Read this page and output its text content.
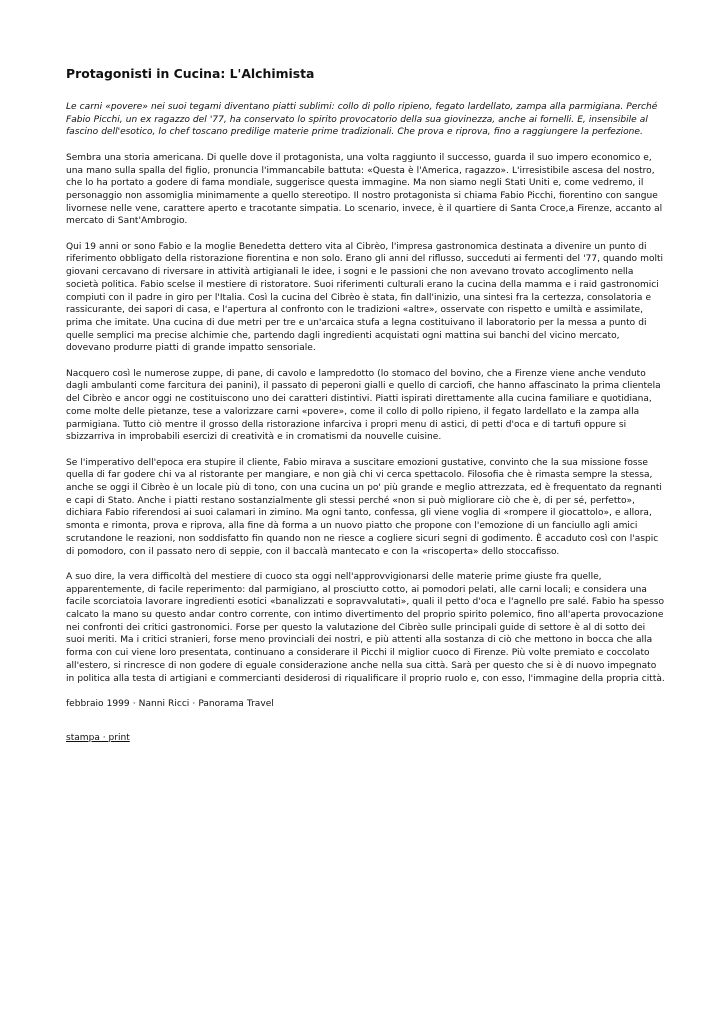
Protagonisti in Cucina: L'Alchimista

Le carni «povere» nei suoi tegami diventano piatti sublimi: collo di pollo ripieno, fegato lardellato, zampa alla parmigiana. Perché Fabio Picchi, un ex ragazzo del '77, ha conservato lo spirito provocatorio della sua giovinezza, anche ai fornelli. E, insensibile al fascino dell'esotico, lo chef toscano predilige materie prime tradizionali. Che prova e riprova, fino a raggiungere la perfezione.

Sembra una storia americana. Di quelle dove il protagonista, una volta raggiunto il successo, guarda il suo impero economico e, una mano sulla spalla del figlio, pronuncia l'immancabile battuta: «Questa è l'America, ragazzo». L'irresistibile ascesa del nostro, che lo ha portato a godere di fama mondiale, suggerisce questa immagine. Ma non siamo negli Stati Uniti e, come vedremo, il personaggio non assomiglia minimamente a quello stereotipo. Il nostro protagonista si chiama Fabio Picchi, fiorentino con sangue livornese nelle vene, carattere aperto e tracotante simpatia. Lo scenario, invece, è il quartiere di Santa Croce,a Firenze, accanto al mercato di Sant'Ambrogio.

Qui 19 anni or sono Fabio e la moglie Benedetta dettero vita al Cibrèo, l'impresa gastronomica destinata a divenire un punto di riferimento obbligato della ristorazione fiorentina e non solo. Erano gli anni del riflusso, succeduti ai fermenti del '77, quando molti giovani cercavano di riversare in attività artigianali le idee, i sogni e le passioni che non avevano trovato accoglimento nella società politica. Fabio scelse il mestiere di ristoratore. Suoi riferimenti culturali erano la cucina della mamma e i raid gastronomici compiuti con il padre in giro per l'Italia. Così la cucina del Cibrèo è stata, fin dall'inizio, una sintesi fra la certezza, consolatoria e rassicurante, dei sapori di casa, e l'apertura al confronto con le tradizioni «altre», osservate con rispetto e umiltà e assimilate, prima che imitate. Una cucina di due metri per tre e un'arcaica stufa a legna costituivano il laboratorio per la messa a punto di quelle semplici ma precise alchimie che, partendo dagli ingredienti acquistati ogni mattina sui banchi del vicino mercato, dovevano produrre piatti di grande impatto sensoriale.

Nacquero così le numerose zuppe, di pane, di cavolo e lampredotto (lo stomaco del bovino, che a Firenze viene anche venduto dagli ambulanti come farcitura dei panini), il passato di peperoni gialli e quello di carciofi, che hanno affascinato la prima clientela del Cibrèo e ancor oggi ne costituiscono uno dei caratteri distintivi. Piatti ispirati direttamente alla cucina familiare e quotidiana, come molte delle pietanze, tese a valorizzare carni «povere», come il collo di pollo ripieno, il fegato lardellato e la zampa alla parmigiana. Tutto ciò mentre il grosso della ristorazione infarciva i propri menu di astici, di petti d'oca e di tartufi oppure si sbizzarriva in improbabili esercizi di creatività e in cromatismi da nouvelle cuisine.

Se l'imperativo dell'epoca era stupire il cliente, Fabio mirava a suscitare emozioni gustative, convinto che la sua missione fosse quella di far godere chi va al ristorante per mangiare, e non già chi vi cerca spettacolo. Filosofia che è rimasta sempre la stessa, anche se oggi il Cibrèo è un locale più di tono, con una cucina un po' più grande e meglio attrezzata, ed è frequentato da regnanti e capi di Stato. Anche i piatti restano sostanzialmente gli stessi perché «non si può migliorare ciò che è, di per sé, perfetto», dichiara Fabio riferendosi ai suoi calamari in zimino. Ma ogni tanto, confessa, gli viene voglia di «rompere il giocattolo», e allora, smonta e rimonta, prova e riprova, alla fine dà forma a un nuovo piatto che propone con l'emozione di un fanciullo agli amici scrutandone le reazioni, non soddisfatto fin quando non ne riesce a cogliere sicuri segni di godimento. È accaduto così con l'aspic di pomodoro, con il passato nero di seppie, con il baccalà mantecato e con la «riscoperta» dello stoccafisso.

A suo dire, la vera difficoltà del mestiere di cuoco sta oggi nell'approvvigionarsi delle materie prime giuste fra quelle, apparentemente, di facile reperimento: dal parmigiano, al prosciutto cotto, ai pomodori pelati, alle carni locali; e considera una facile scorciatoia lavorare ingredienti esotici «banalizzati e sopravvalutati», quali il petto d'oca e l'agnello pre salé. Fabio ha spesso calcato la mano su questo andar contro corrente, con intimo divertimento del proprio spirito polemico, fino all'aperta provocazione nei confronti dei critici gastronomici. Forse per questo la valutazione del Cibrèo sulle principali guide di settore è al di sotto dei suoi meriti. Ma i critici stranieri, forse meno provinciali dei nostri, e più attenti alla sostanza di ciò che mettono in bocca che alla forma con cui viene loro presentata, continuano a considerare il Picchi il miglior cuoco di Firenze. Più volte premiato e coccolato all'estero, si rincresce di non godere di eguale considerazione anche nella sua città. Sarà per questo che si è di nuovo impegnato in politica alla testa di artigiani e commercianti desiderosi di riqualificare il proprio ruolo e, con esso, l'immagine della propria città.

febbraio 1999 · Nanni Ricci · Panorama Travel

stampa · print
